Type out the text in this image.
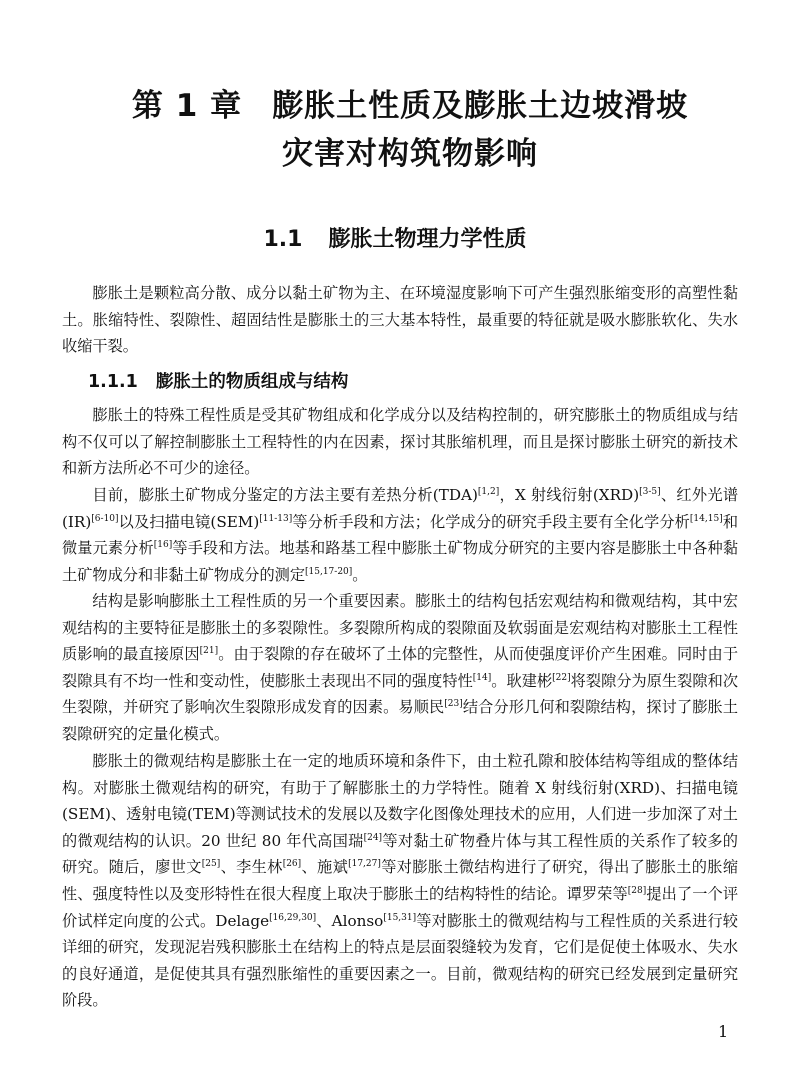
第 1 章 膨胀土性质及膨胀土边坡滑坡
灾害对构筑物影响
1.1 膨胀土物理力学性质

膨胀土是颗粒高分散、成分以黏土矿物为主、在环境湿度影响下可产生强烈胀缩变形的高塑性黏土。胀缩特性、裂隙性、超固结性是膨胀土的三大基本特性，最重要的特征就是吸水膨胀软化、失水收缩干裂。

1.1.1 膨胀土的物质组成与结构

膨胀土的特殊工程性质是受其矿物组成和化学成分以及结构控制的，研究膨胀土的物质组成与结构不仅可以了解控制膨胀土工程特性的内在因素，探讨其胀缩机理，而且是探讨膨胀土研究的新技术和新方法所必不可少的途径。

目前，膨胀土矿物成分鉴定的方法主要有差热分析(TDA)[1,2]，X 射线衍射(XRD)[3-5]、红外光谱(IR)[6-10]以及扫描电镜(SEM)[11-13]等分析手段和方法；化学成分的研究手段主要有全化学分析[14,15]和微量元素分析[16]等手段和方法。地基和路基工程中膨胀土矿物成分研究的主要内容是膨胀土中各种黏土矿物成分和非黏土矿物成分的测定[15,17-20]。

结构是影响膨胀土工程性质的另一个重要因素。膨胀土的结构包括宏观结构和微观结构，其中宏观结构的主要特征是膨胀土的多裂隙性。多裂隙所构成的裂隙面及软弱面是宏观结构对膨胀土工程性质影响的最直接原因[21]。由于裂隙的存在破坏了土体的完整性，从而使强度评价产生困难。同时由于裂隙具有不均一性和变动性，使膨胀土表现出不同的强度特性[14]。耿建彬[22]将裂隙分为原生裂隙和次生裂隙，并研究了影响次生裂隙形成发育的因素。易顺民[23]结合分形几何和裂隙结构，探讨了膨胀土裂隙研究的定量化模式。

膨胀土的微观结构是膨胀土在一定的地质环境和条件下，由土粒孔隙和胶体结构等组成的整体结构。对膨胀土微观结构的研究，有助于了解膨胀土的力学特性。随着 X 射线衍射(XRD)、扫描电镜(SEM)、透射电镜(TEM)等测试技术的发展以及数字化图像处理技术的应用，人们进一步加深了对土的微观结构的认识。20 世纪 80 年代高国瑞[24]等对黏土矿物叠片体与其工程性质的关系作了较多的研究。随后，廖世文[25]、李生林[26]、施斌[17,27]等对膨胀土微结构进行了研究，得出了膨胀土的胀缩性、强度特性以及变形特性在很大程度上取决于膨胀土的结构特性的结论。谭罗荣等[28]提出了一个评价试样定向度的公式。Delage[16,29,30]、Alonso[15,31]等对膨胀土的微观结构与工程性质的关系进行较详细的研究，发现泥岩残积膨胀土在结构上的特点是层面裂缝较为发育，它们是促使土体吸水、失水的良好通道，是促使其具有强烈胀缩性的重要因素之一。目前，微观结构的研究已经发展到定量研究阶段。

1
